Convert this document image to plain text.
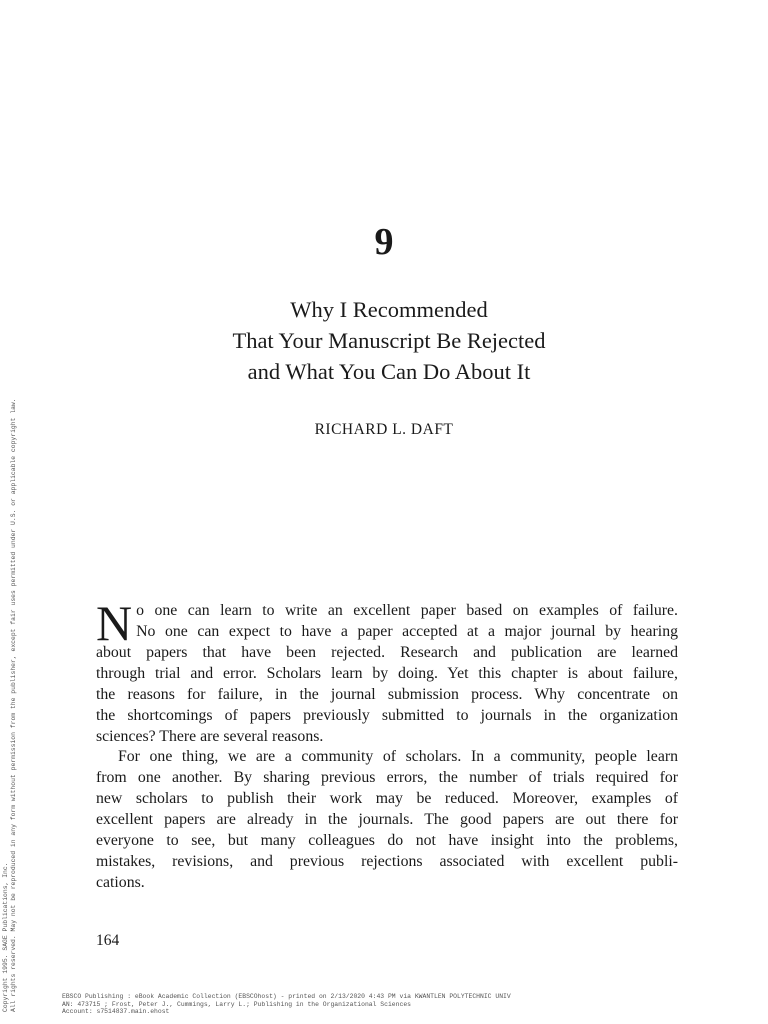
9
Why I Recommended
That Your Manuscript Be Rejected
and What You Can Do About It
RICHARD L. DAFT
N o one can learn to write an excellent paper based on examples of failure.
No one can expect to have a paper accepted at a major journal by hearing
about papers that have been rejected. Research and publication are learned
through trial and error. Scholars learn by doing. Yet this chapter is about failure,
the reasons for failure, in the journal submission process. Why concentrate on
the shortcomings of papers previously submitted to journals in the organization
sciences? There are several reasons.
For one thing, we are a community of scholars. In a community, people learn
from one another. By sharing previous errors, the number of trials required for
new scholars to publish their work may be reduced. Moreover, examples of
excellent papers are already in the journals. The good papers are out there for
everyone to see, but many colleagues do not have insight into the problems,
mistakes, revisions, and previous rejections associated with excellent publi-
cations.
164
Copyright 1995. SAGE Publications, Inc. All rights reserved. May not be reproduced in any form without permission from the publisher, except fair uses permitted under U.S. or applicable copyright law.	EBSCO Publishing : eBook Academic Collection (EBSCOhost) - printed on 2/13/2020 4:43 PM via KWANTLEN POLYTECHNIC UNIV
AN: 473715 ; Frost, Peter J., Cummings, Larry L.; Publishing in the Organizational Sciences
Account: s7514837.main.ehost
